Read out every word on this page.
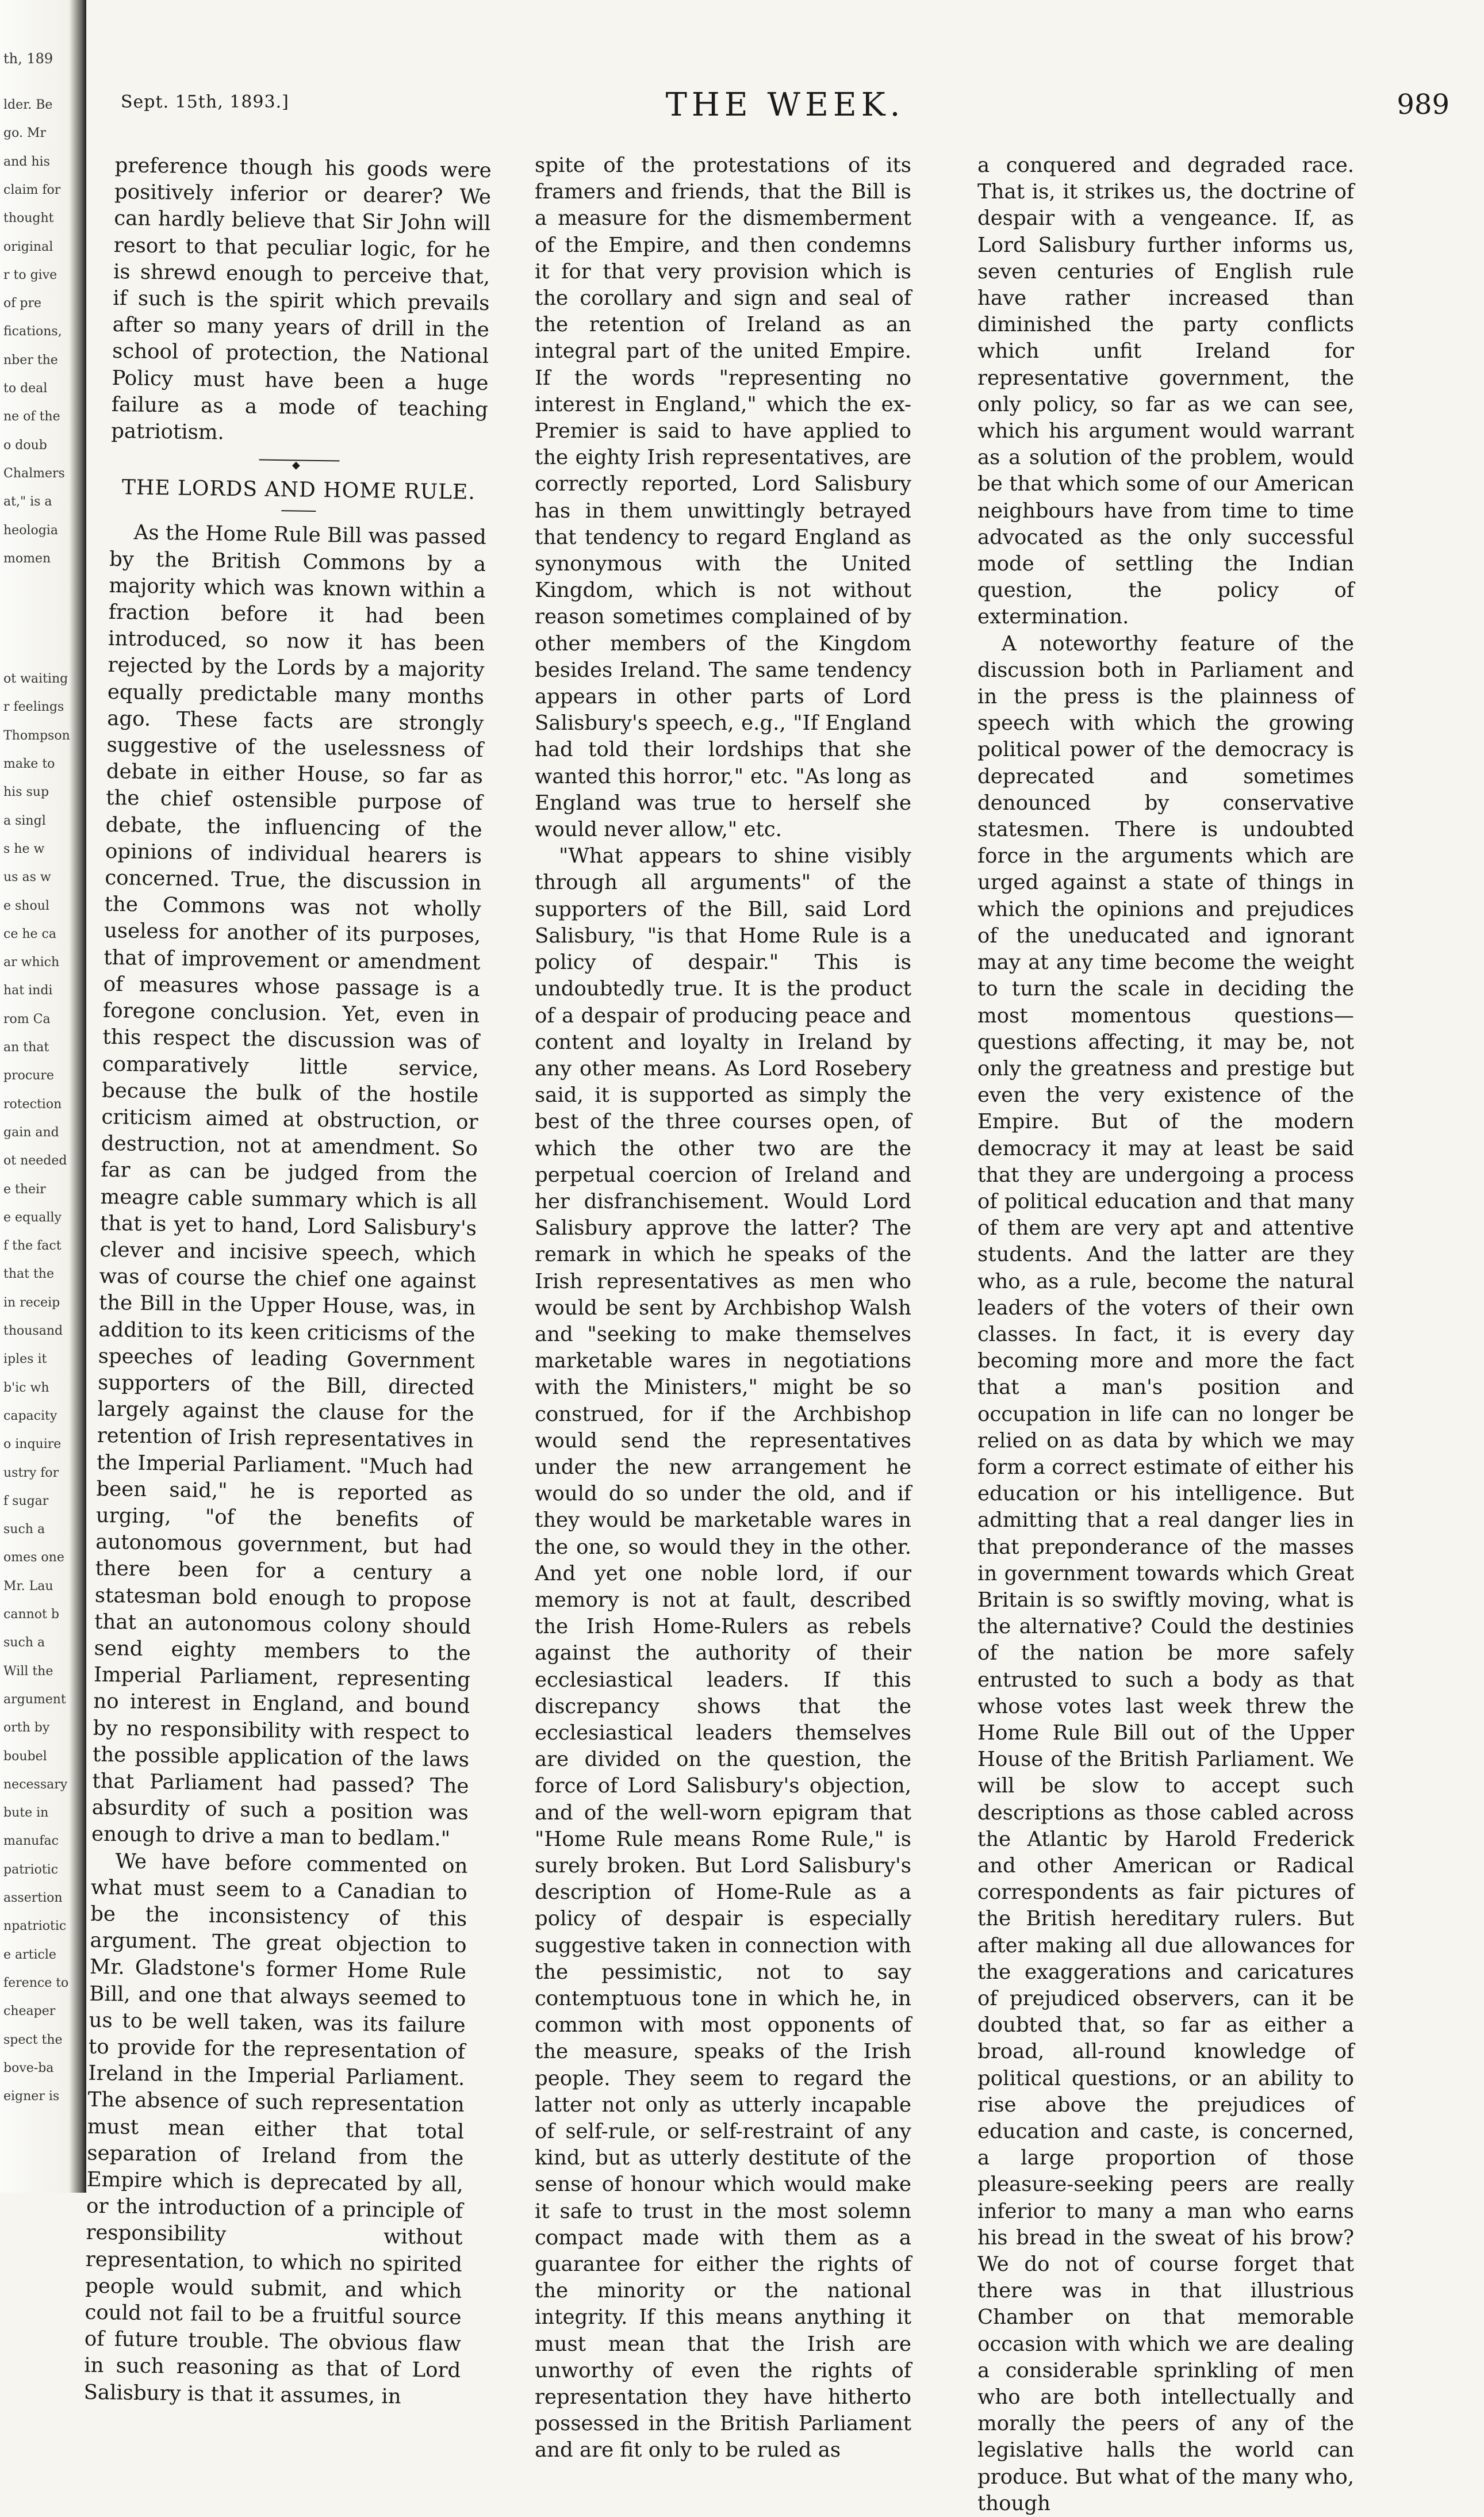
th, 189
lder. Be
go. Mr
and his
claim for
thought
original
r to give
of pre
fications,
nber the
to deal
ne of the
o doub
Chalmers
at," is a
heologia
momen
ot waiting
r feelings
Thompson
make to
his sup
a singl
s he w
us as w
e shoul
ce he ca
ar which
hat indi
rom Ca
an that
procure
rotection
gain and
ot needed
e their
e equally
f the fact
that the
in receip
thousand
iples it
b'ic wh
capacity
o inquire
ustry for
f sugar
such a
omes one
Mr. Lau
cannot b
such a
Will the
argument
orth by
boubel
necessary
bute in
manufac
patriotic
assertion
npatriotic
e article
ference to
cheaper
spect the
bove-ba
eigner is
Sept. 15th, 1893.]	THE WEEK.	989

preference though his goods were positively inferior or dearer? We can hardly believe that Sir John will resort to that peculiar logic, for he is shrewd enough to perceive that, if such is the spirit which prevails after so many years of drill in the school of protection, the National Policy must have been a huge failure as a mode of teaching patriotism.

◆
THE LORDS AND HOME RULE.

As the Home Rule Bill was passed by the British Commons by a majority which was known within a fraction before it had been introduced, so now it has been rejected by the Lords by a majority equally predictable many months ago. These facts are strongly suggestive of the uselessness of debate in either House, so far as the chief ostensible purpose of debate, the influencing of the opinions of individual hearers is concerned. True, the discussion in the Commons was not wholly useless for another of its purposes, that of improvement or amendment of measures whose passage is a foregone conclusion. Yet, even in this respect the discussion was of comparatively little service, because the bulk of the hostile criticism aimed at obstruction, or destruction, not at amendment. So far as can be judged from the meagre cable summary which is all that is yet to hand, Lord Salisbury's clever and incisive speech, which was of course the chief one against the Bill in the Upper House, was, in addition to its keen criticisms of the speeches of leading Government supporters of the Bill, directed largely against the clause for the retention of Irish representatives in the Imperial Parliament. "Much had been said," he is reported as urging, "of the benefits of autonomous government, but had there been for a century a statesman bold enough to propose that an autonomous colony should send eighty members to the Imperial Parliament, representing no interest in England, and bound by no responsibility with respect to the possible application of the laws that Parliament had passed? The absurdity of such a position was enough to drive a man to bedlam."

We have before commented on what must seem to a Canadian to be the inconsistency of this argument. The great objection to Mr. Gladstone's former Home Rule Bill, and one that always seemed to us to be well taken, was its failure to provide for the representation of Ireland in the Imperial Parliament. The absence of such representation must mean either that total separation of Ireland from the Empire which is deprecated by all, or the introduction of a principle of responsibility without representation, to which no spirited people would submit, and which could not fail to be a fruitful source of future trouble. The obvious flaw in such reasoning as that of Lord Salisbury is that it assumes, in

spite of the protestations of its framers and friends, that the Bill is a measure for the dismemberment of the Empire, and then condemns it for that very provision which is the corollary and sign and seal of the retention of Ireland as an integral part of the united Empire. If the words "representing no interest in England," which the ex-Premier is said to have applied to the eighty Irish representatives, are correctly reported, Lord Salisbury has in them unwittingly betrayed that tendency to regard England as synonymous with the United Kingdom, which is not without reason sometimes complained of by other members of the Kingdom besides Ireland. The same tendency appears in other parts of Lord Salisbury's speech, e.g., "If England had told their lordships that she wanted this horror," etc. "As long as England was true to herself she would never allow," etc.

"What appears to shine visibly through all arguments" of the supporters of the Bill, said Lord Salisbury, "is that Home Rule is a policy of despair." This is undoubtedly true. It is the product of a despair of producing peace and content and loyalty in Ireland by any other means. As Lord Rosebery said, it is supported as simply the best of the three courses open, of which the other two are the perpetual coercion of Ireland and her disfranchisement. Would Lord Salisbury approve the latter? The remark in which he speaks of the Irish representatives as men who would be sent by Archbishop Walsh and "seeking to make themselves marketable wares in negotiations with the Ministers," might be so construed, for if the Archbishop would send the representatives under the new arrangement he would do so under the old, and if they would be marketable wares in the one, so would they in the other. And yet one noble lord, if our memory is not at fault, described the Irish Home-Rulers as rebels against the authority of their ecclesiastical leaders. If this discrepancy shows that the ecclesiastical leaders themselves are divided on the question, the force of Lord Salisbury's objection, and of the well-worn epigram that "Home Rule means Rome Rule," is surely broken. But Lord Salisbury's description of Home-Rule as a policy of despair is especially suggestive taken in connection with the pessimistic, not to say contemptuous tone in which he, in common with most opponents of the measure, speaks of the Irish people. They seem to regard the latter not only as utterly incapable of self-rule, or self-restraint of any kind, but as utterly destitute of the sense of honour which would make it safe to trust in the most solemn compact made with them as a guarantee for either the rights of the minority or the national integrity. If this means anything it must mean that the Irish are unworthy of even the rights of representation they have hitherto possessed in the British Parliament and are fit only to be ruled as

a conquered and degraded race. That is, it strikes us, the doctrine of despair with a vengeance. If, as Lord Salisbury further informs us, seven centuries of English rule have rather increased than diminished the party conflicts which unfit Ireland for representative government, the only policy, so far as we can see, which his argument would warrant as a solution of the problem, would be that which some of our American neighbours have from time to time advocated as the only successful mode of settling the Indian question, the policy of extermination.

A noteworthy feature of the discussion both in Parliament and in the press is the plainness of speech with which the growing political power of the democracy is deprecated and sometimes denounced by conservative statesmen. There is undoubted force in the arguments which are urged against a state of things in which the opinions and prejudices of the uneducated and ignorant may at any time become the weight to turn the scale in deciding the most momentous questions—questions affecting, it may be, not only the greatness and prestige but even the very existence of the Empire. But of the modern democracy it may at least be said that they are undergoing a process of political education and that many of them are very apt and attentive students. And the latter are they who, as a rule, become the natural leaders of the voters of their own classes. In fact, it is every day becoming more and more the fact that a man's position and occupation in life can no longer be relied on as data by which we may form a correct estimate of either his education or his intelligence. But admitting that a real danger lies in that preponderance of the masses in government towards which Great Britain is so swiftly moving, what is the alternative? Could the destinies of the nation be more safely entrusted to such a body as that whose votes last week threw the Home Rule Bill out of the Upper House of the British Parliament. We will be slow to accept such descriptions as those cabled across the Atlantic by Harold Frederick and other American or Radical correspondents as fair pictures of the British hereditary rulers. But after making all due allowances for the exaggerations and caricatures of prejudiced observers, can it be doubted that, so far as either a broad, all-round knowledge of political questions, or an ability to rise above the prejudices of education and caste, is concerned, a large proportion of those pleasure-seeking peers are really inferior to many a man who earns his bread in the sweat of his brow? We do not of course forget that there was in that illustrious Chamber on that memorable occasion with which we are dealing a considerable sprinkling of men who are both intellectually and morally the peers of any of the legislative halls the world can produce. But what of the many who, though
